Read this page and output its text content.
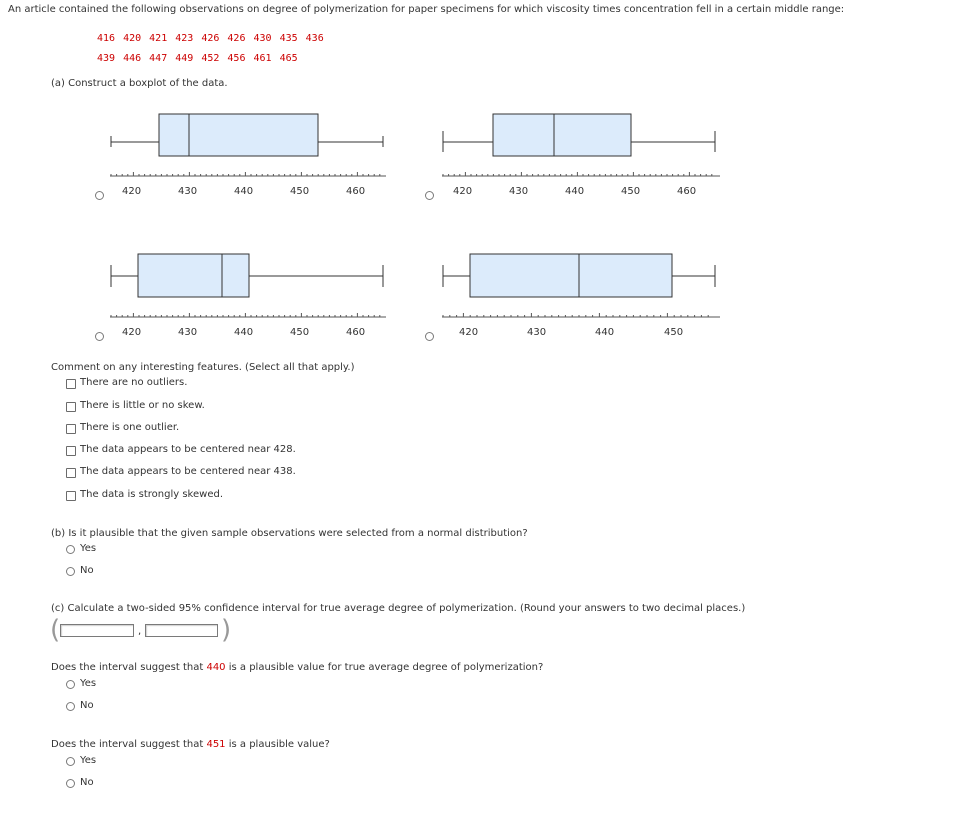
An article contained the following observations on degree of polymerization for paper specimens for which viscosity times concentration fell in a certain middle range:
416 420 421 423 426 426 430 435 436
439 446 447 449 452 456 461 465
(a) Construct a boxplot of the data.
420	430	440	450	460	420	430	440	450	460
420	430	440	450	460	420	430	440	450
Comment on any interesting features. (Select all that apply.)
There are no outliers.
There is little or no skew.
There is one outlier.
The data appears to be centered near 428.
The data appears to be centered near 438.
The data is strongly skewed.
(b) Is it plausible that the given sample observations were selected from a normal distribution?
Yes
No
(c) Calculate a two-sided 95% confidence interval for true average degree of polymerization. (Round your answers to two decimal places.)
(	,	)
Does the interval suggest that 440 is a plausible value for true average degree of polymerization?
Yes
No
Does the interval suggest that 451 is a plausible value?
Yes
No
